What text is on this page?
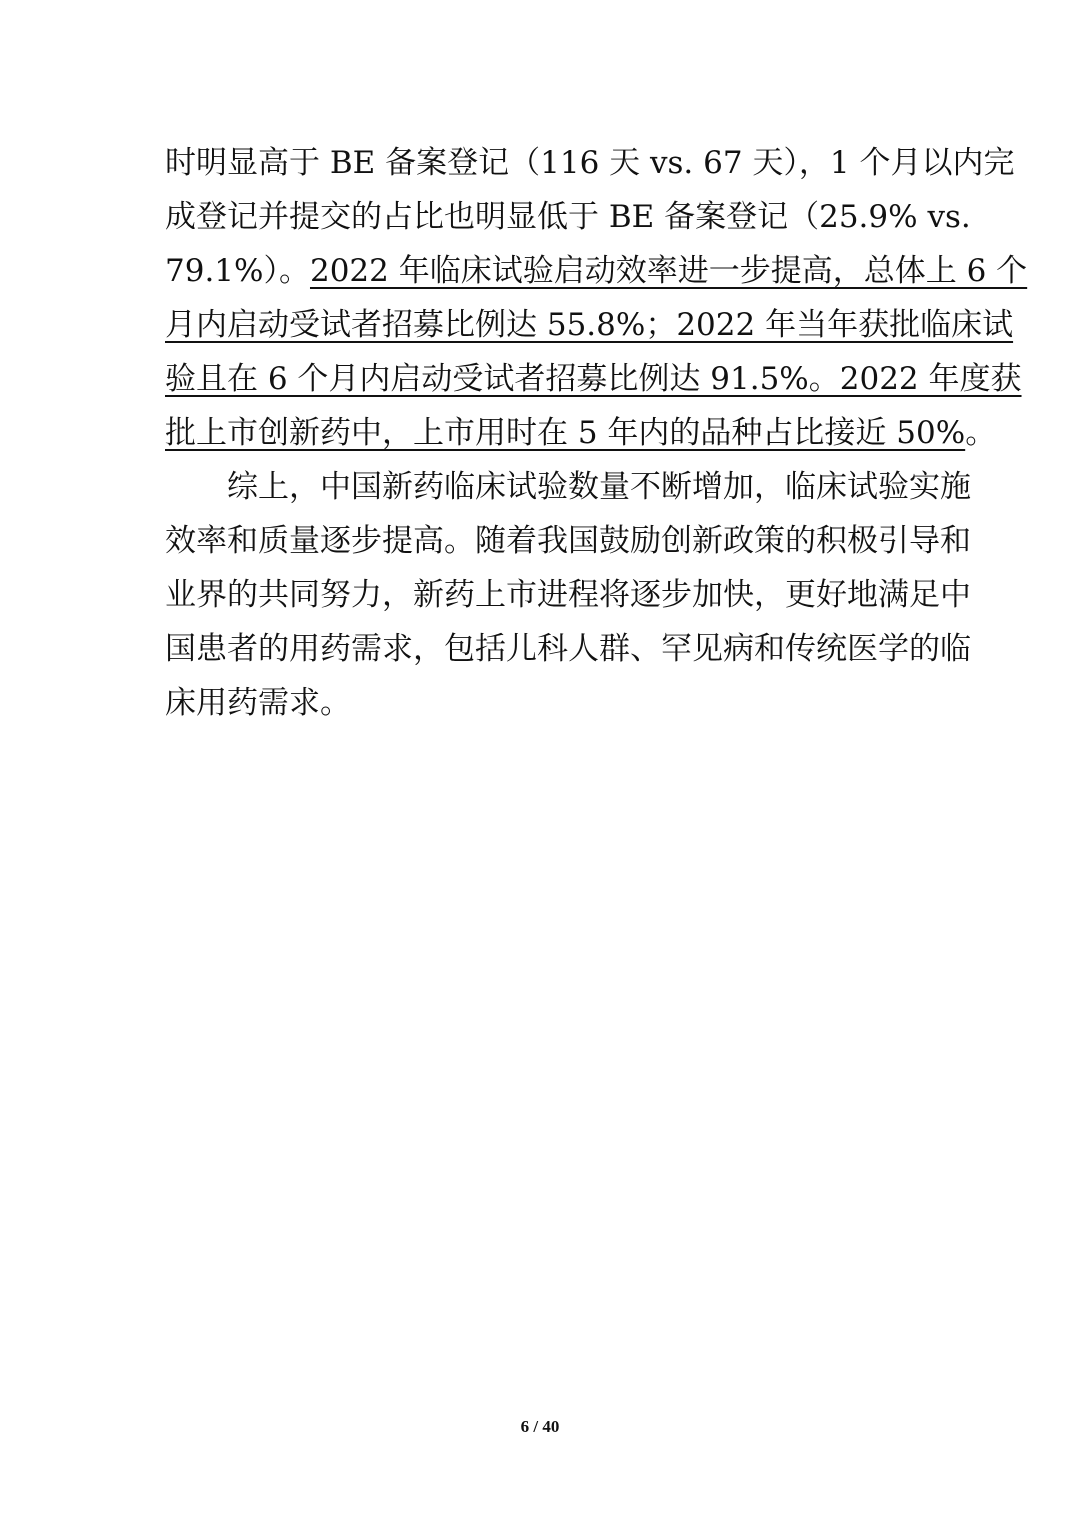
时明显高于 BE 备案登记（116 天 vs. 67 天），1 个月以内完
成登记并提交的占比也明显低于 BE 备案登记（25.9% vs.
79.1%）。2022 年临床试验启动效率进一步提高，总体上 6 个
月内启动受试者招募比例达 55.8%；2022 年当年获批临床试
验且在 6 个月内启动受试者招募比例达 91.5%。2022 年度获
批上市创新药中，上市用时在 5 年内的品种占比接近 50%。
　　综上，中国新药临床试验数量不断增加，临床试验实施
效率和质量逐步提高。随着我国鼓励创新政策的积极引导和
业界的共同努力，新药上市进程将逐步加快，更好地满足中
国患者的用药需求，包括儿科人群、罕见病和传统医学的临
床用药需求。
6 / 40
